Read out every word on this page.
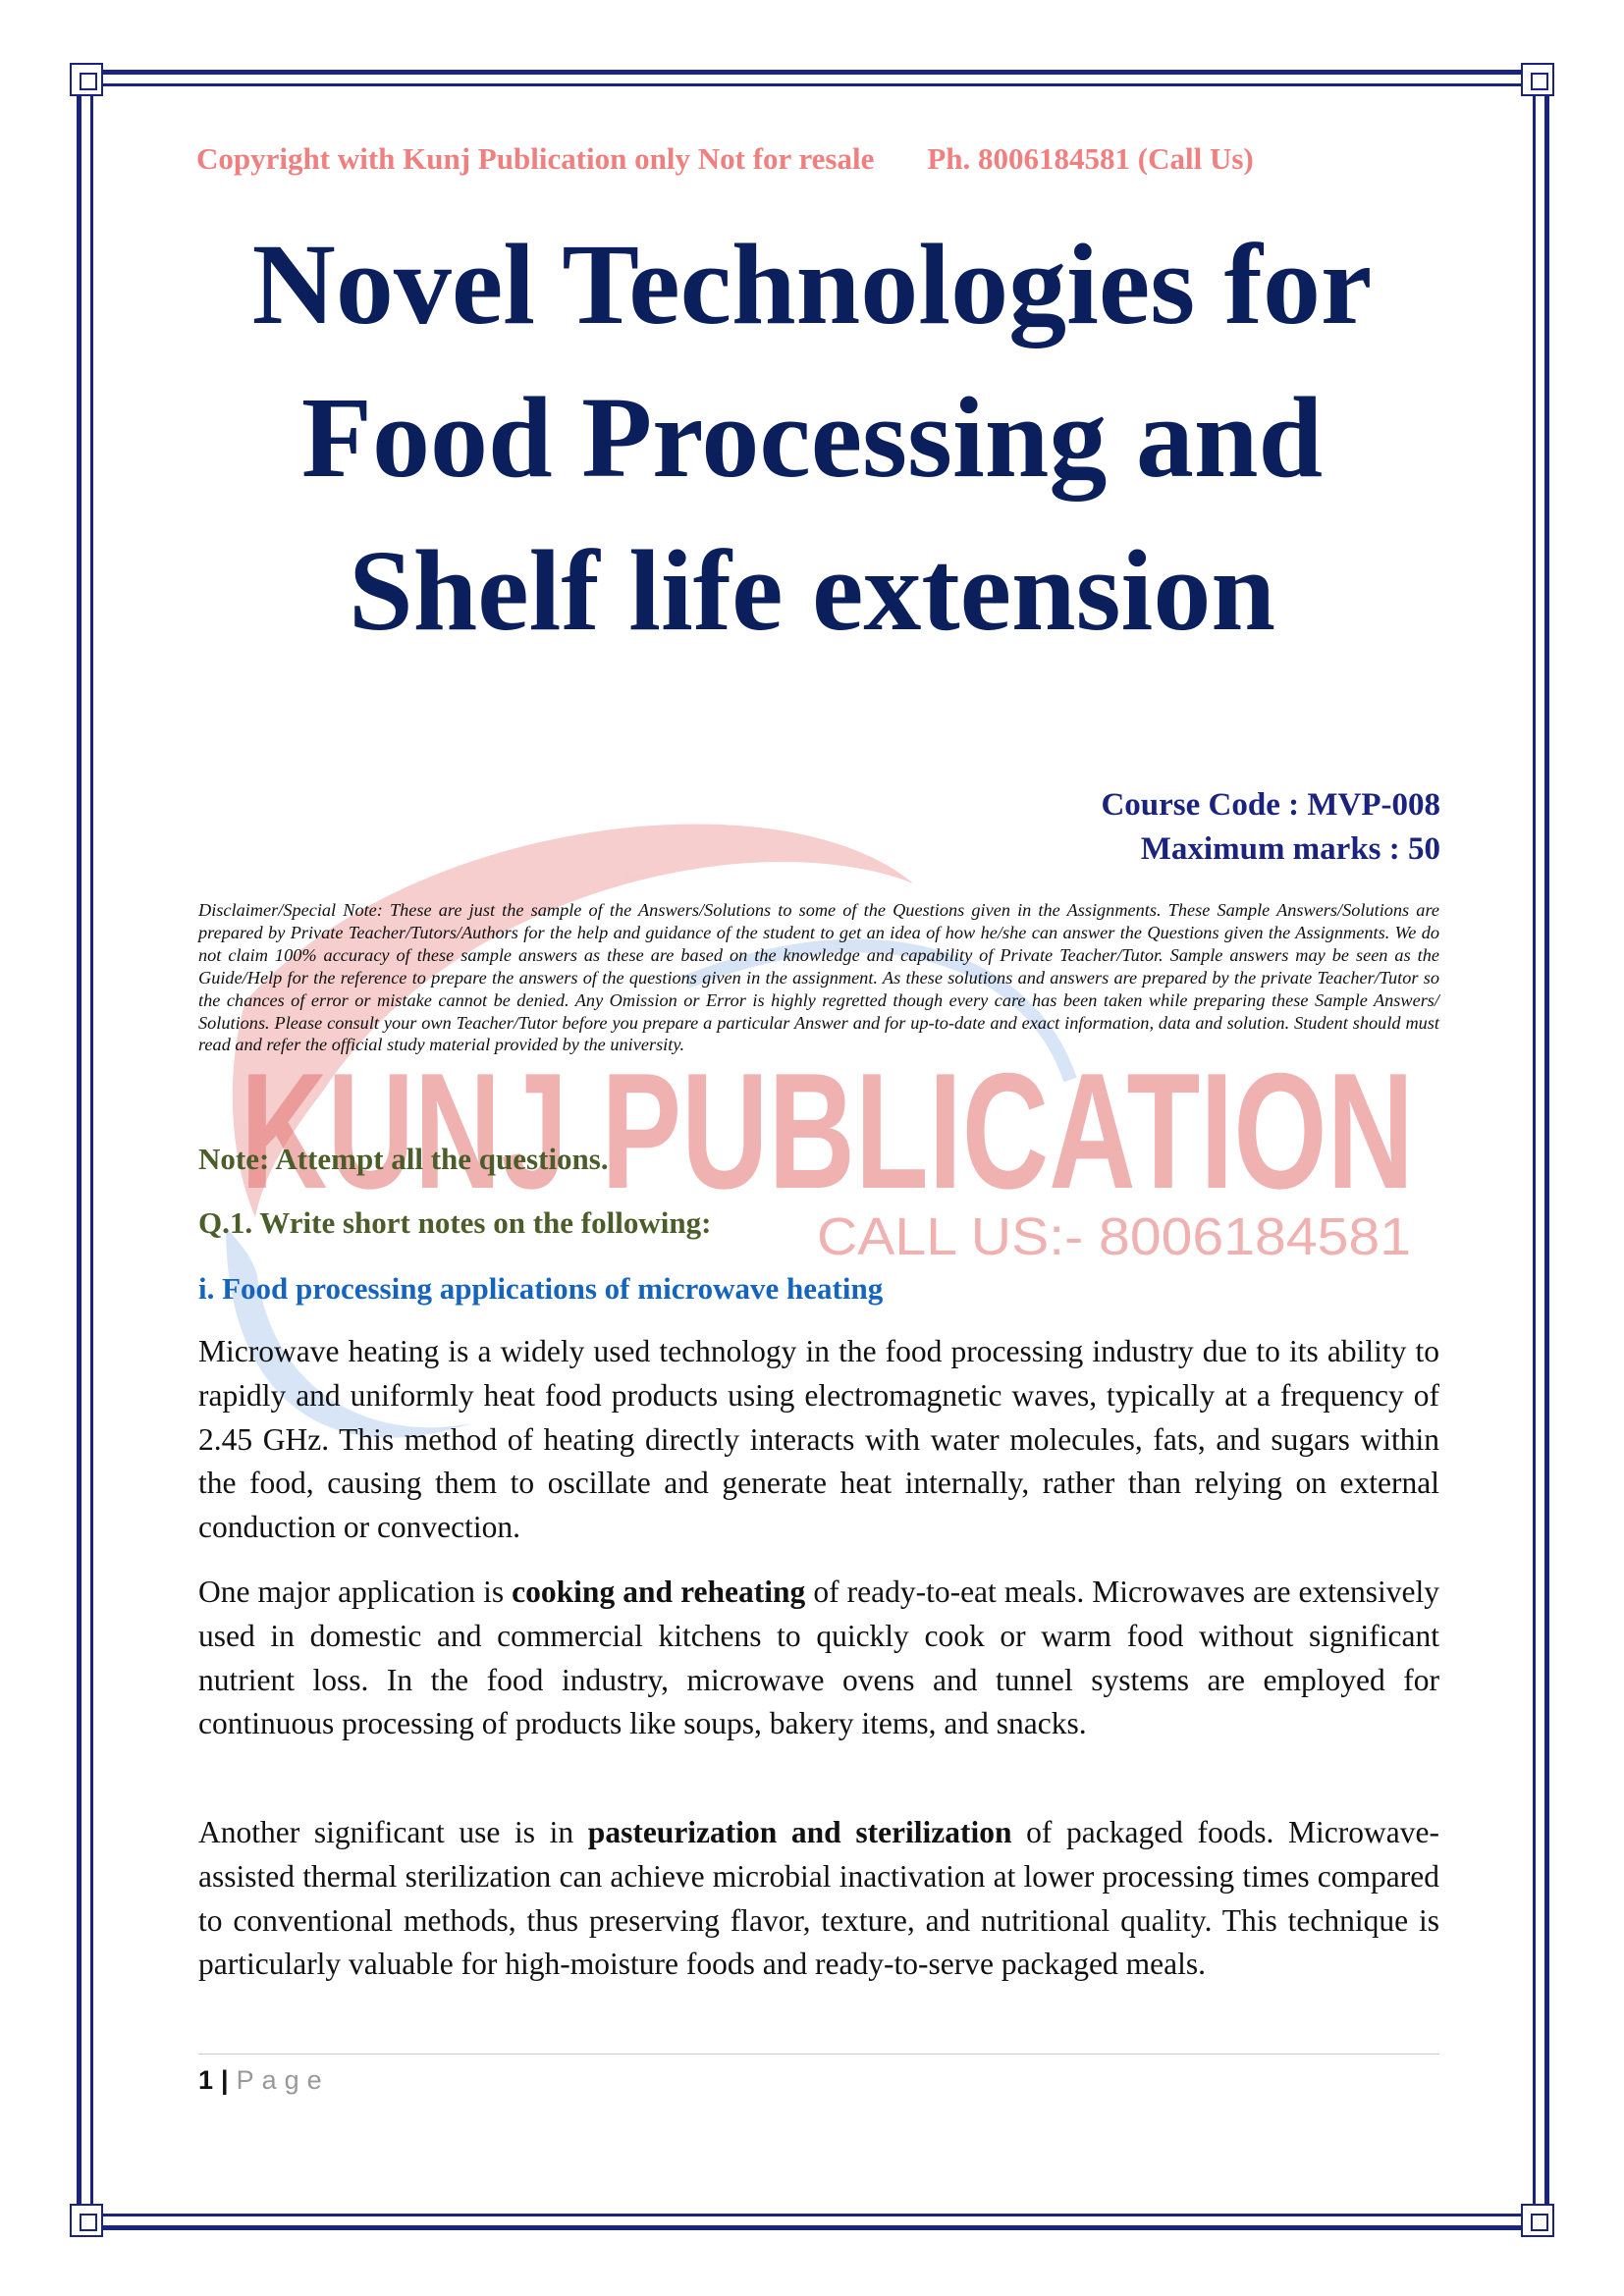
KUNJ PUBLICATION
CALL US:- 8006184581
Copyright with Kunj Publication only Not for resale Ph. 8006184581 (Call Us)
Novel Technologies for
Food Processing and
Shelf life extension
Course Code : MVP-008
Maximum marks : 50

Disclaimer/Special Note: These are just the sample of the Answers/Solutions to some of the Questions given in the Assignments. These Sample Answers/Solutions are prepared by Private Teacher/Tutors/Authors for the help and guidance of the student to get an idea of how he/she can answer the Questions given the Assignments. We do not claim 100% accuracy of these sample answers as these are based on the knowledge and capability of Private Teacher/Tutor. Sample answers may be seen as the Guide/Help for the reference to prepare the answers of the questions given in the assignment. As these solutions and answers are prepared by the private Teacher/Tutor so the chances of error or mistake cannot be denied. Any Omission or Error is highly regretted though every care has been taken while preparing these Sample Answers/ Solutions. Please consult your own Teacher/Tutor before you prepare a particular Answer and for up-to-date and exact information, data and solution. Student should must read and refer the official study material provided by the university.

Note: Attempt all the questions.
Q.1. Write short notes on the following:
i. Food processing applications of microwave heating

Microwave heating is a widely used technology in the food processing industry due to its ability to rapidly and uniformly heat food products using electromagnetic waves, typically at a frequency of 2.45 GHz. This method of heating directly interacts with water molecules, fats, and sugars within the food, causing them to oscillate and generate heat internally, rather than relying on external conduction or convection.

One major application is cooking and reheating of ready-to-eat meals. Microwaves are extensively used in domestic and commercial kitchens to quickly cook or warm food without significant nutrient loss. In the food industry, microwave ovens and tunnel systems are employed for continuous processing of products like soups, bakery items, and snacks.

Another significant use is in pasteurization and sterilization of packaged foods. Microwave-assisted thermal sterilization can achieve microbial inactivation at lower processing times compared to conventional methods, thus preserving flavor, texture, and nutritional quality. This technique is particularly valuable for high-moisture foods and ready-to-serve packaged meals.

1 | Page
